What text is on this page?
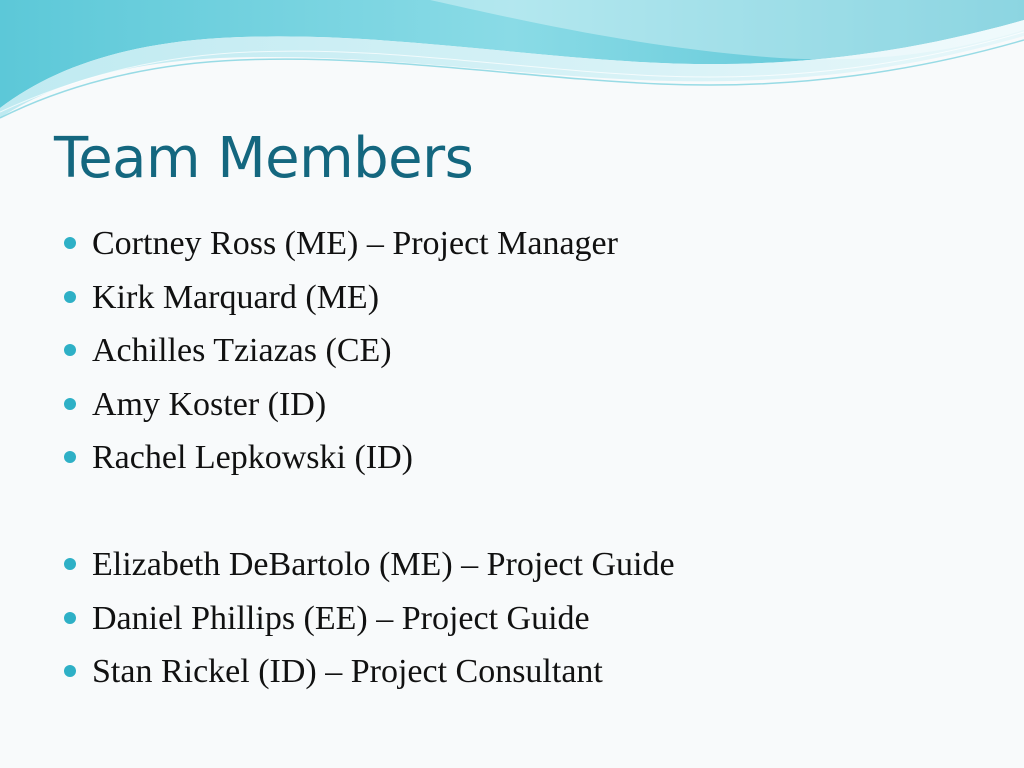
Team Members
Cortney Ross (ME) – Project Manager
Kirk Marquard (ME)
Achilles Tziazas (CE)
Amy Koster (ID)
Rachel Lepkowski (ID)
Elizabeth DeBartolo (ME) – Project Guide
Daniel Phillips (EE) – Project Guide
Stan Rickel (ID) – Project Consultant
